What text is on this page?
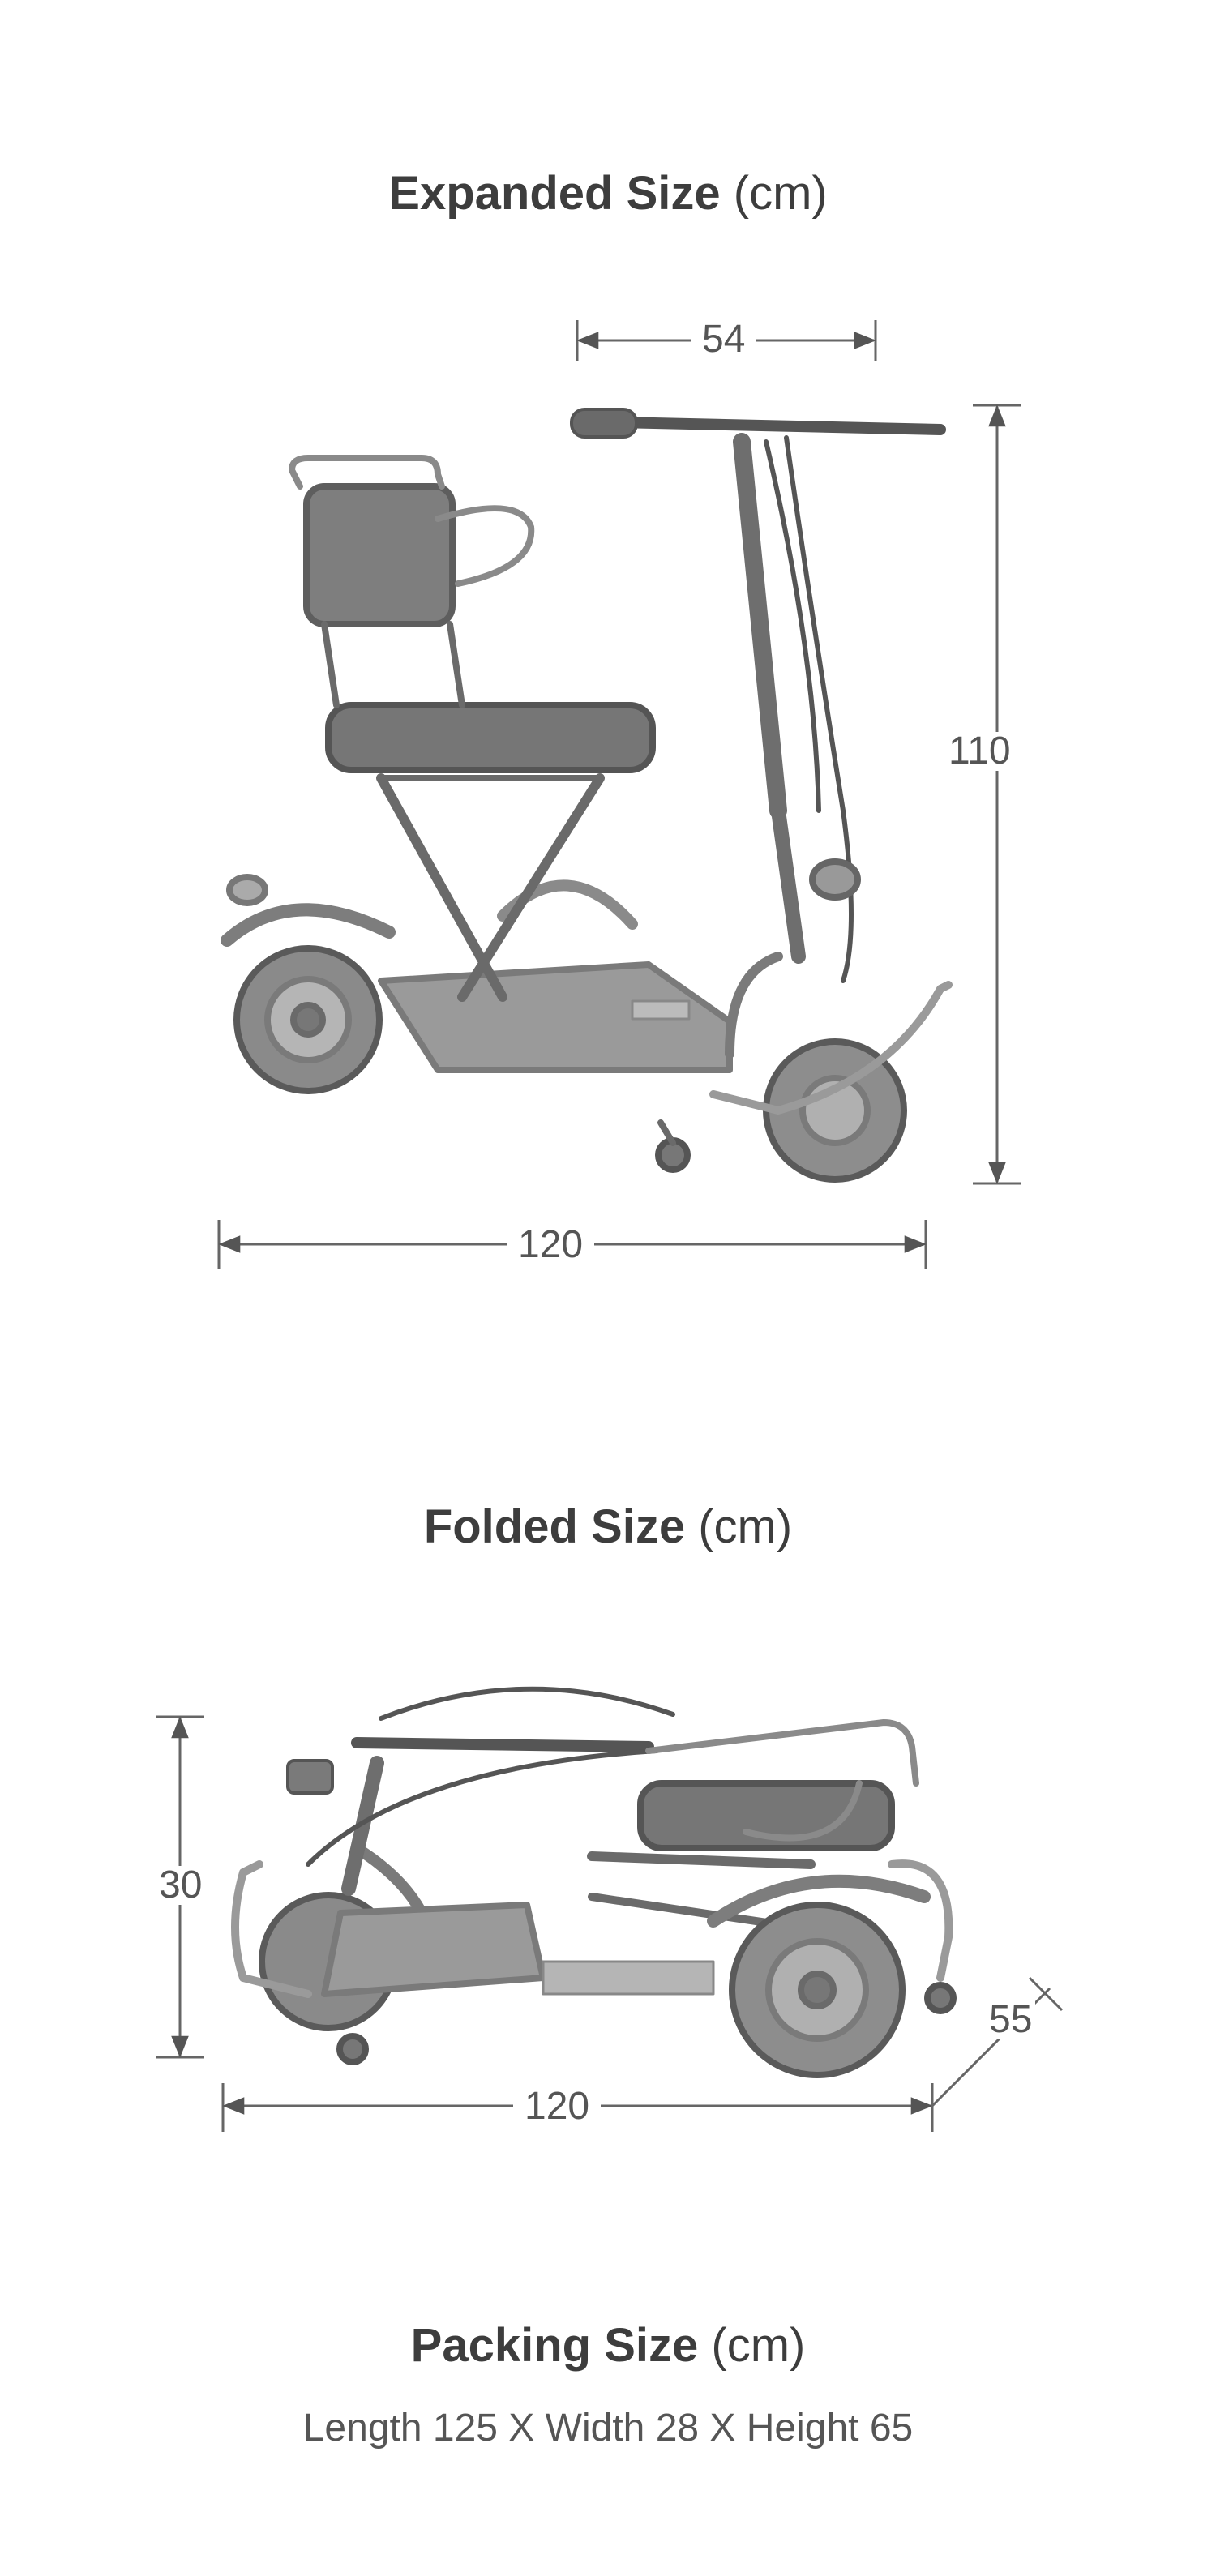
Expanded Size (cm)
54
110
120
Folded Size (cm)
30
120
55
Packing Size (cm)
Length 125 X Width 28 X Height 65
